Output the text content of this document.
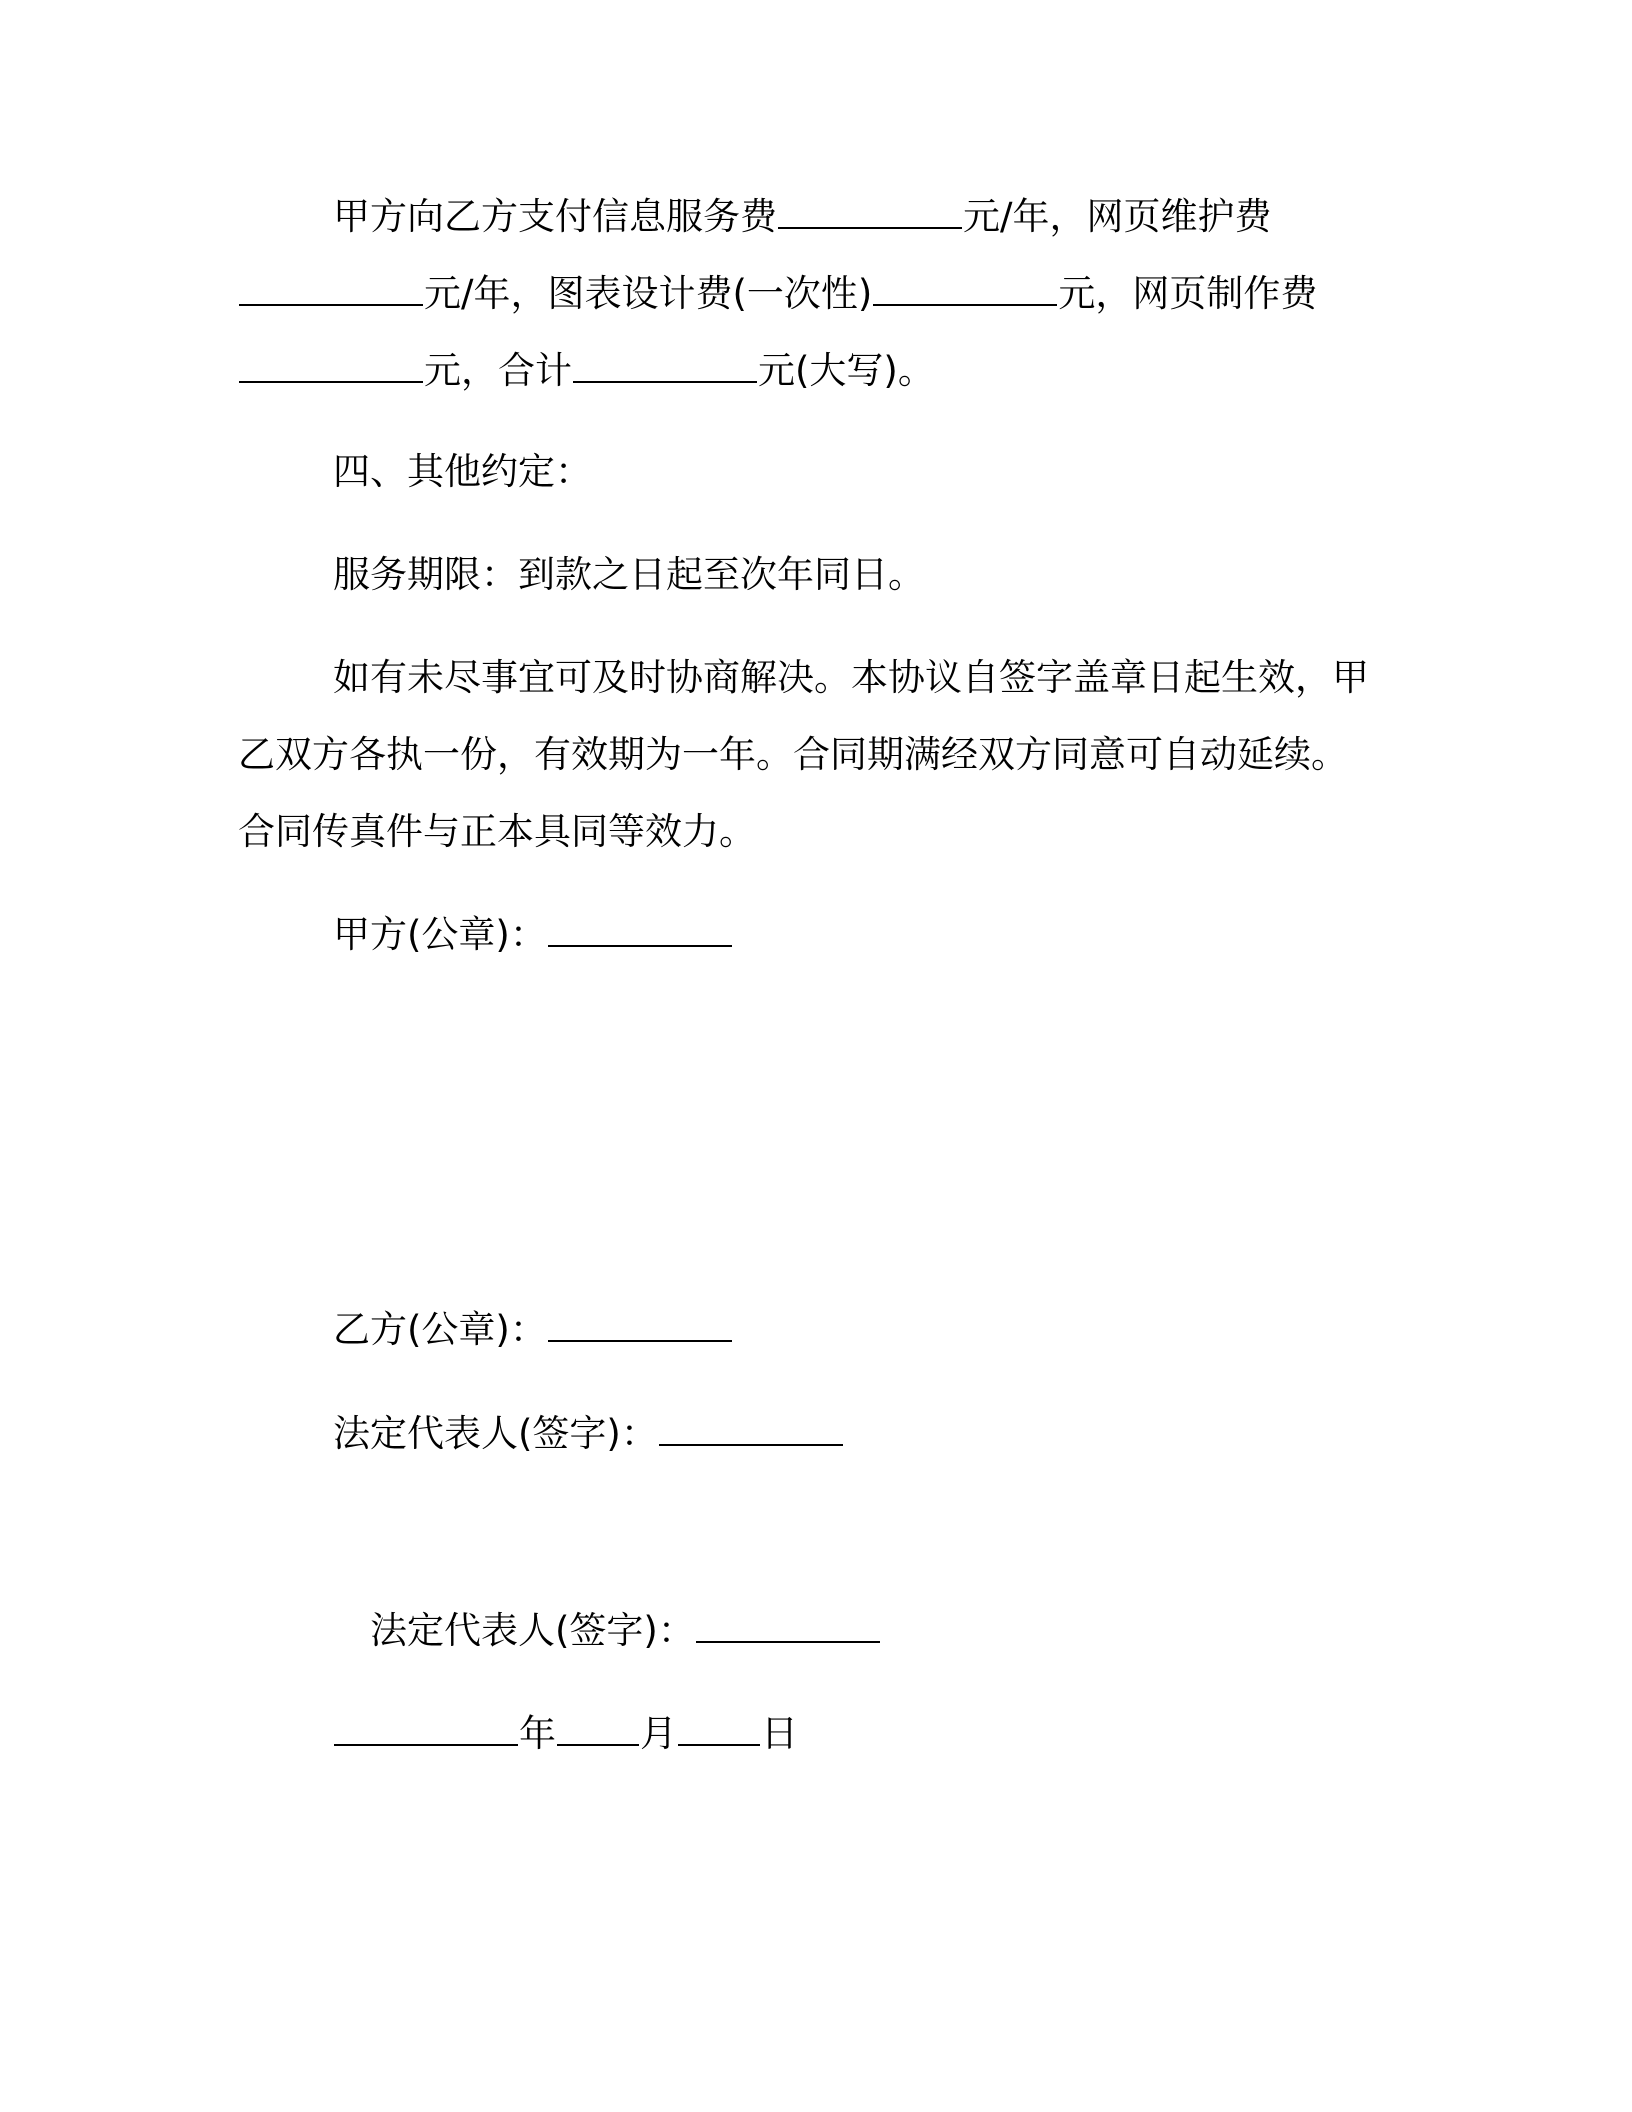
甲方向乙方支付信息服务费	元/年，网页维护费
元/年，图表设计费(一次性)	元，网页制作费
元，合计	元(大写)。
四、其他约定：
服务期限：到款之日起至次年同日。
如有未尽事宜可及时协商解决。本协议自签字盖章日起生效，甲
乙双方各执一份，有效期为一年。合同期满经双方同意可自动延续。
合同传真件与正本具同等效力。
甲方(公章)：
乙方(公章)：
法定代表人(签字)：
法定代表人(签字)：
年 月 日
